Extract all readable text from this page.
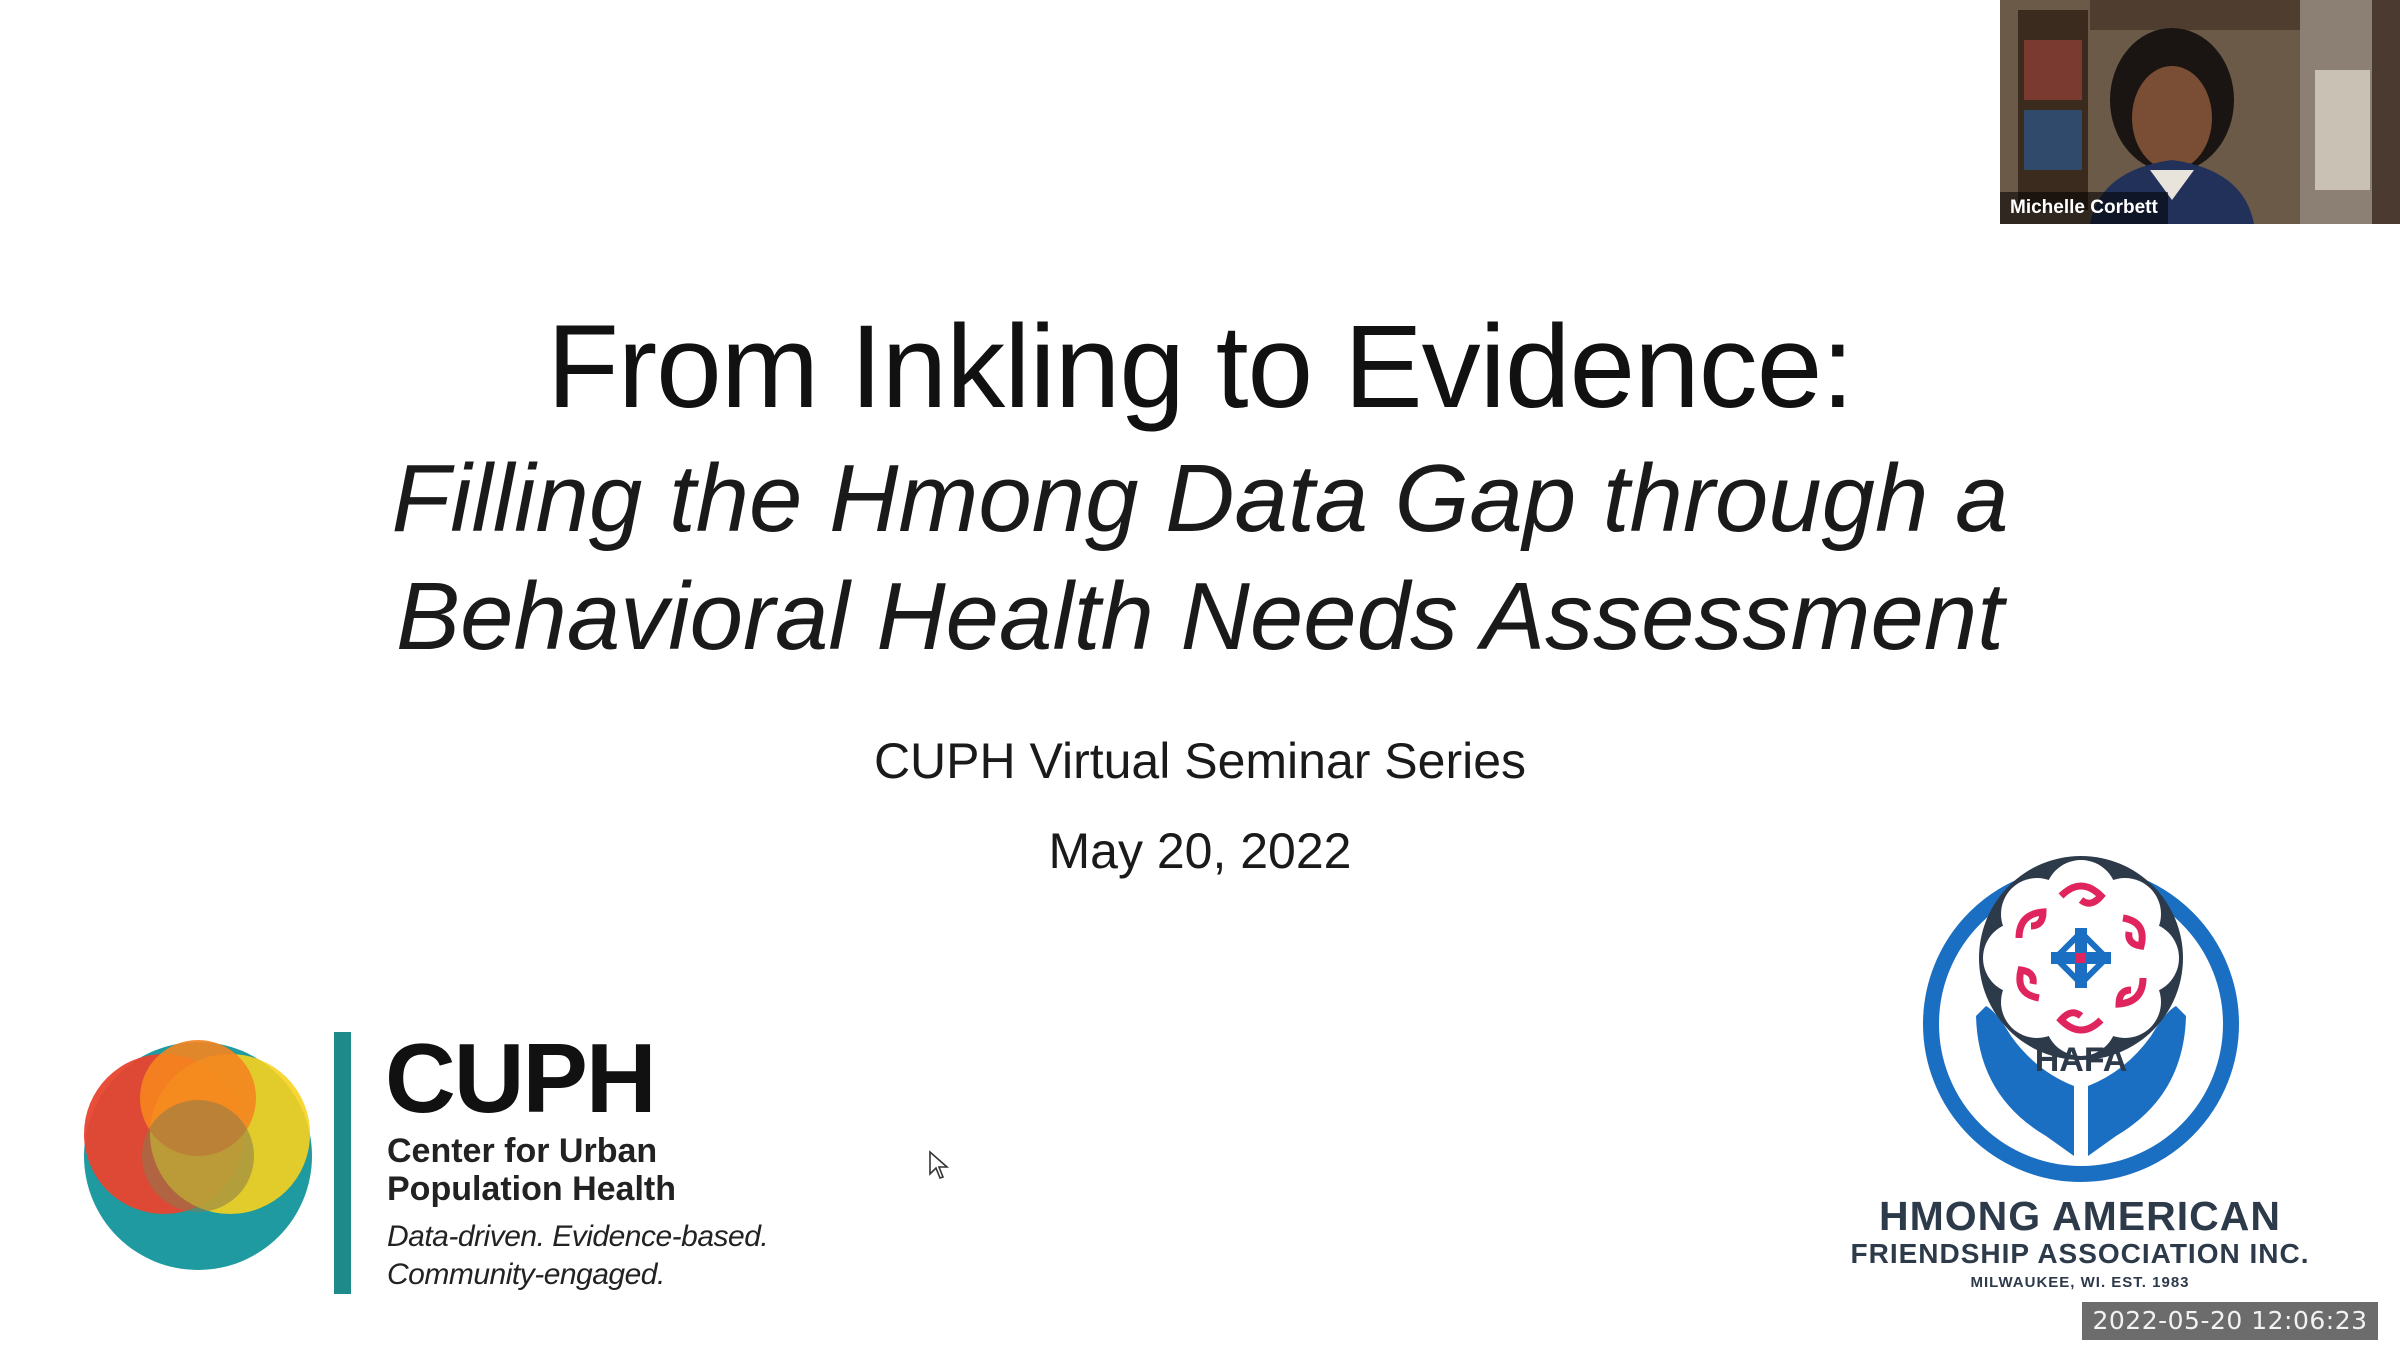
From Inkling to Evidence:
Filling the Hmong Data Gap through a
Behavioral Health Needs Assessment
CUPH Virtual Seminar Series
May 20, 2022
CUPH
Center for Urban
Population Health
Data-driven. Evidence-based.
Community-engaged.
HAFA
HMONG AMERICAN
FRIENDSHIP ASSOCIATION INC.
MILWAUKEE, WI. EST. 1983
Michelle Corbett
2022-05-20 12:06:23
